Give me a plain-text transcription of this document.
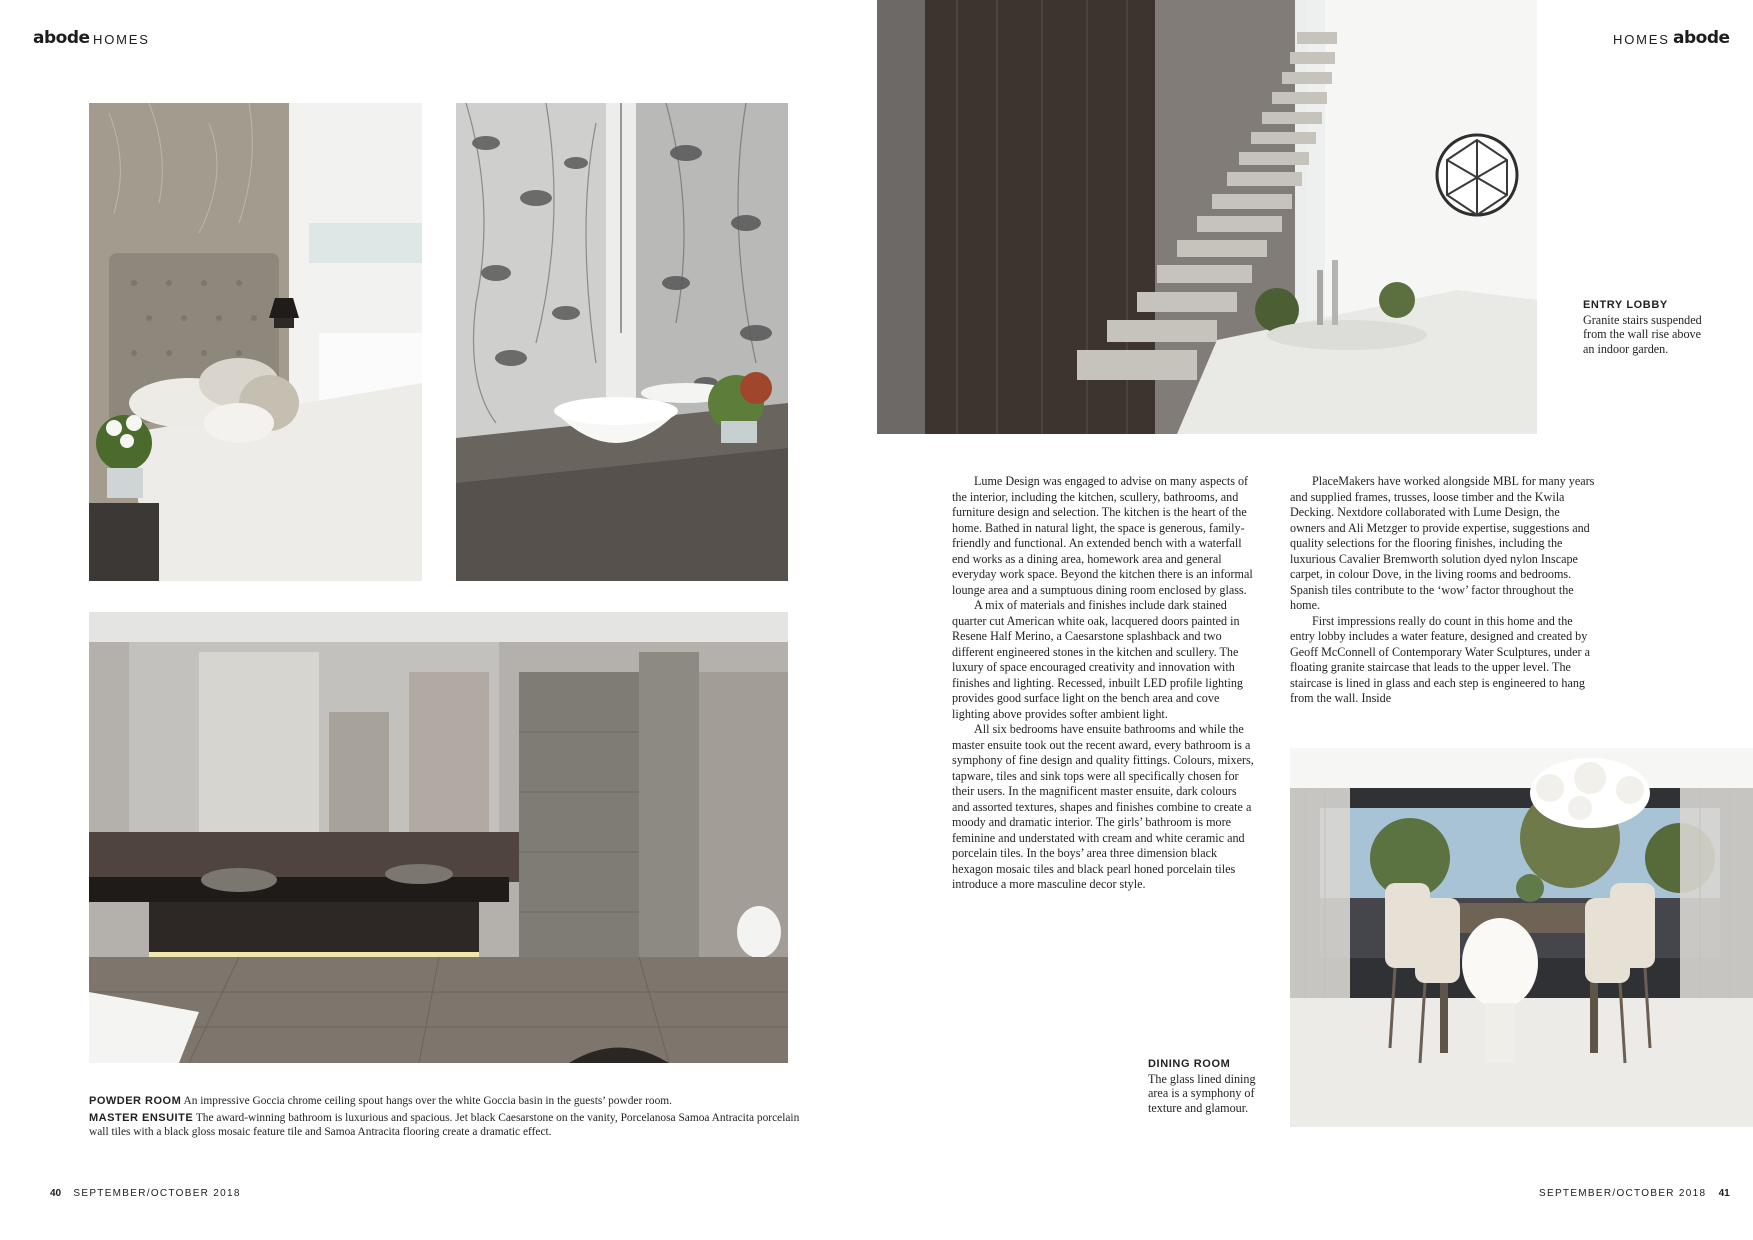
abode HOMES	HOMES abode
ENTRY LOBBY
Granite stairs suspended from the wall rise above an indoor garden.
DINING ROOM
The glass lined dining area is a symphony of texture and glamour.

POWDER ROOM An impressive Goccia chrome ceiling spout hangs over the white Goccia basin in the guests’ powder room.

MASTER ENSUITE The award-winning bathroom is luxurious and spacious. Jet black Caesarstone on the vanity, Porcelanosa Samoa Antracita porcelain wall tiles with a black gloss mosaic feature tile and Samoa Antracita flooring create a dramatic effect.

Lume Design was engaged to advise on many aspects of the interior, including the kitchen, scullery, bathrooms, and furniture design and selection. The kitchen is the heart of the home. Bathed in natural light, the space is generous, family-friendly and functional. An extended bench with a waterfall end works as a dining area, homework area and general everyday work space. Beyond the kitchen there is an informal lounge area and a sumptuous dining room enclosed by glass.

A mix of materials and finishes include dark stained quarter cut American white oak, lacquered doors painted in Resene Half Merino, a Caesarstone splashback and two different engineered stones in the kitchen and scullery. The luxury of space encouraged creativity and innovation with finishes and lighting. Recessed, inbuilt LED profile lighting provides good surface light on the bench area and cove lighting above provides softer ambient light.

All six bedrooms have ensuite bathrooms and while the master ensuite took out the recent award, every bathroom is a symphony of fine design and quality fittings. Colours, mixers, tapware, tiles and sink tops were all specifically chosen for their users. In the magnificent master ensuite, dark colours and assorted textures, shapes and finishes combine to create a moody and dramatic interior. The girls’ bathroom is more feminine and understated with cream and white ceramic and porcelain tiles. In the boys’ area three dimension black hexagon mosaic tiles and black pearl honed porcelain tiles introduce a more masculine decor style.

PlaceMakers have worked alongside MBL for many years and supplied frames, trusses, loose timber and the Kwila Decking. Nextdore collaborated with Lume Design, the owners and Ali Metzger to provide expertise, suggestions and quality selections for the flooring finishes, including the luxurious Cavalier Bremworth solution dyed nylon Inscape carpet, in colour Dove, in the living rooms and bedrooms. Spanish tiles contribute to the ‘wow’ factor throughout the home.

First impressions really do count in this home and the entry lobby includes a water feature, designed and created by Geoff McConnell of Contemporary Water Sculptures, under a floating granite staircase that leads to the upper level. The staircase is lined in glass and each step is engineered to hang from the wall. Inside

40 SEPTEMBER/OCTOBER 2018	SEPTEMBER/OCTOBER 2018 41
